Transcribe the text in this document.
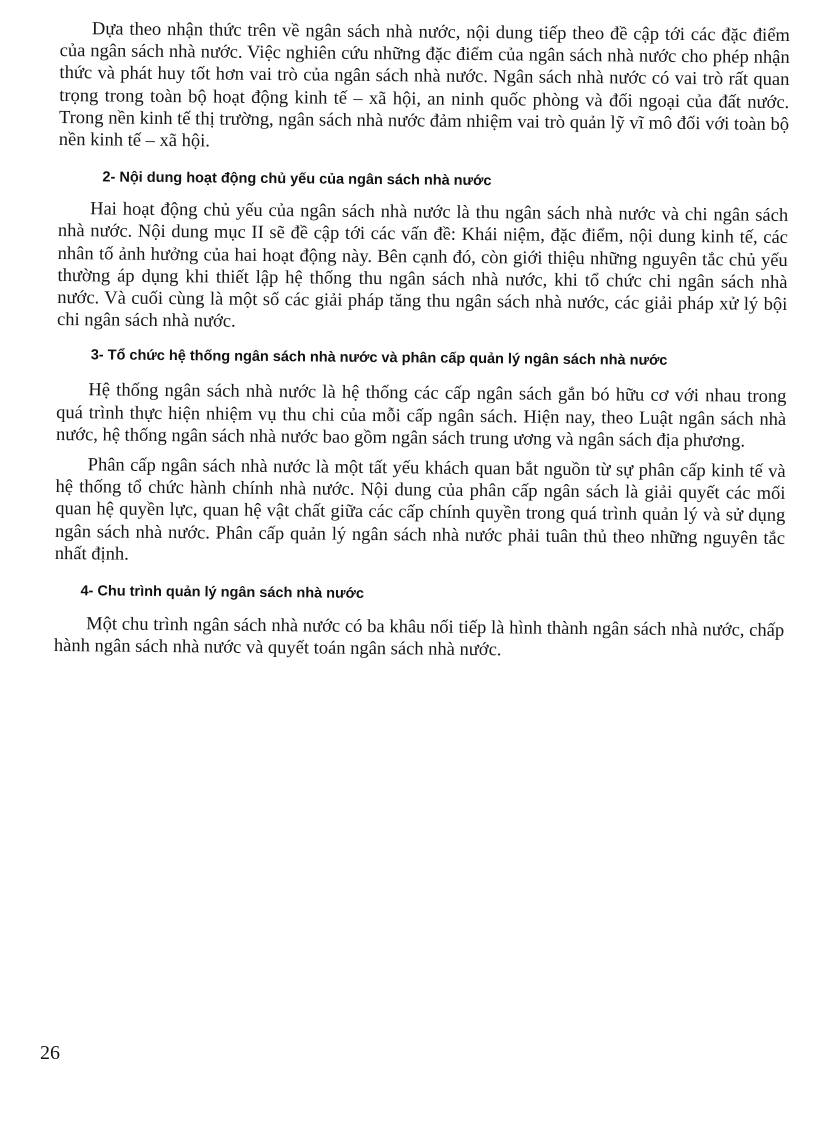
Dựa theo nhận thức trên về ngân sách nhà nước, nội dung tiếp theo đề cập tới các đặc điểm của ngân sách nhà nước. Việc nghiên cứu những đặc điểm của ngân sách nhà nước cho phép nhận thức và phát huy tốt hơn vai trò của ngân sách nhà nước. Ngân sách nhà nước có vai trò rất quan trọng trong toàn bộ hoạt động kinh tế – xã hội, an ninh quốc phòng và đối ngoại của đất nước. Trong nền kinh tế thị trường, ngân sách nhà nước đảm nhiệm vai trò quản lỹ vĩ mô đối với toàn bộ nền kinh tế – xã hội.

2- Nội dung hoạt động chủ yếu của ngân sách nhà nước

Hai hoạt động chủ yếu của ngân sách nhà nước là thu ngân sách nhà nước và chi ngân sách nhà nước. Nội dung mục II sẽ đề cập tới các vấn đề: Khái niệm, đặc điểm, nội dung kinh tế, các nhân tố ảnh hưởng của hai hoạt động này. Bên cạnh đó, còn giới thiệu những nguyên tắc chủ yếu thường áp dụng khi thiết lập hệ thống thu ngân sách nhà nước, khi tổ chức chi ngân sách nhà nước. Và cuối cùng là một số các giải pháp tăng thu ngân sách nhà nước, các giải pháp xử lý bội chi ngân sách nhà nước.

3- Tổ chức hệ thống ngân sách nhà nước và phân cấp quản lý ngân sách nhà nước

Hệ thống ngân sách nhà nước là hệ thống các cấp ngân sách gắn bó hữu cơ với nhau trong quá trình thực hiện nhiệm vụ thu chi của mỗi cấp ngân sách. Hiện nay, theo Luật ngân sách nhà nước, hệ thống ngân sách nhà nước bao gồm ngân sách trung ương và ngân sách địa phương.

Phân cấp ngân sách nhà nước là một tất yếu khách quan bắt nguồn từ sự phân cấp kinh tế và hệ thống tổ chức hành chính nhà nước. Nội dung của phân cấp ngân sách là giải quyết các mối quan hệ quyền lực, quan hệ vật chất giữa các cấp chính quyền trong quá trình quản lý và sử dụng ngân sách nhà nước. Phân cấp quản lý ngân sách nhà nước phải tuân thủ theo những nguyên tắc nhất định.

4- Chu trình quản lý ngân sách nhà nước

Một chu trình ngân sách nhà nước có ba khâu nối tiếp là hình thành ngân sách nhà nước, chấp hành ngân sách nhà nước và quyết toán ngân sách nhà nước.

26
